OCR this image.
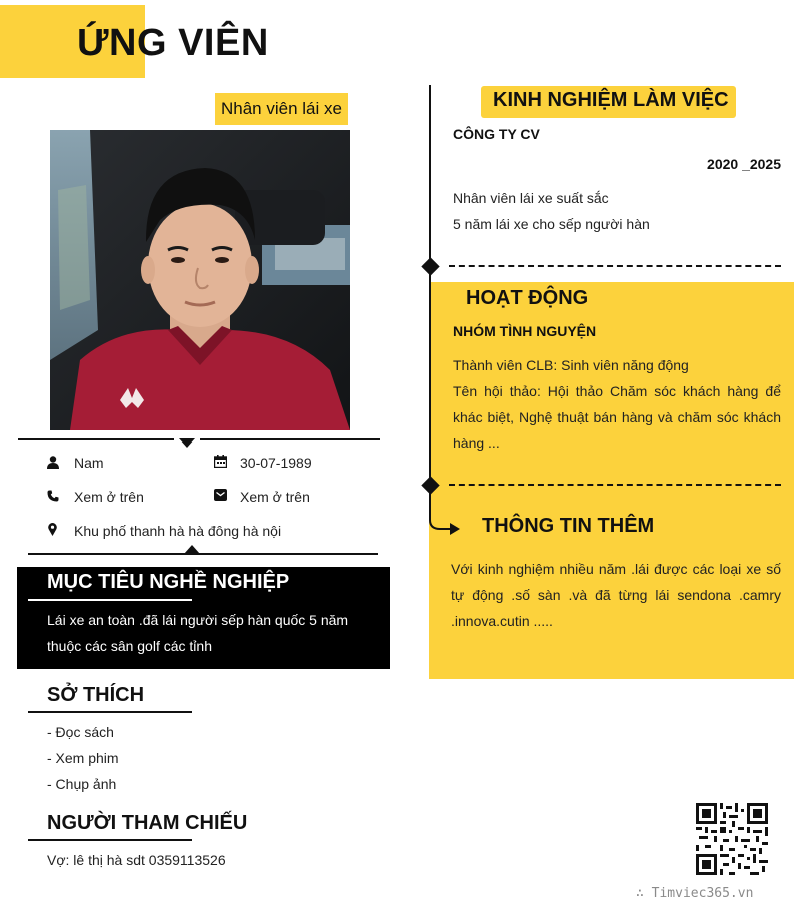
ỨNG VIÊN
Nhân viên lái xe
Nam	30-07-1989
Xem ở trên	Xem ở trên
Khu phố thanh hà hà đông hà nội
MỤC TIÊU NGHỀ NGHIỆP
Lái xe an toàn .đã lái người sếp hàn quốc 5 năm thuộc các sân golf các tỉnh
SỞ THÍCH
- Đọc sách
- Xem phim
- Chụp ảnh
NGƯỜI THAM CHIẾU
Vợ: lê thị hà sdt 0359113526
KINH NGHIỆM LÀM VIỆC
CÔNG TY CV
2020 _2025
Nhân viên lái xe suất sắc
5 năm lái xe cho sếp người hàn
HOẠT ĐỘNG
NHÓM TÌNH NGUYỆN
Thành viên CLB: Sinh viên năng động
Tên hội thảo: Hội thảo Chăm sóc khách hàng để khác biệt, Nghệ thuật bán hàng và chăm sóc khách hàng ...
THÔNG TIN THÊM
Với kinh nghiệm nhiều năm .lái được các loại xe số tự động .số sàn .và đã từng lái sendona .camry .innova.cutin .....
∴ Timviec365.vn
